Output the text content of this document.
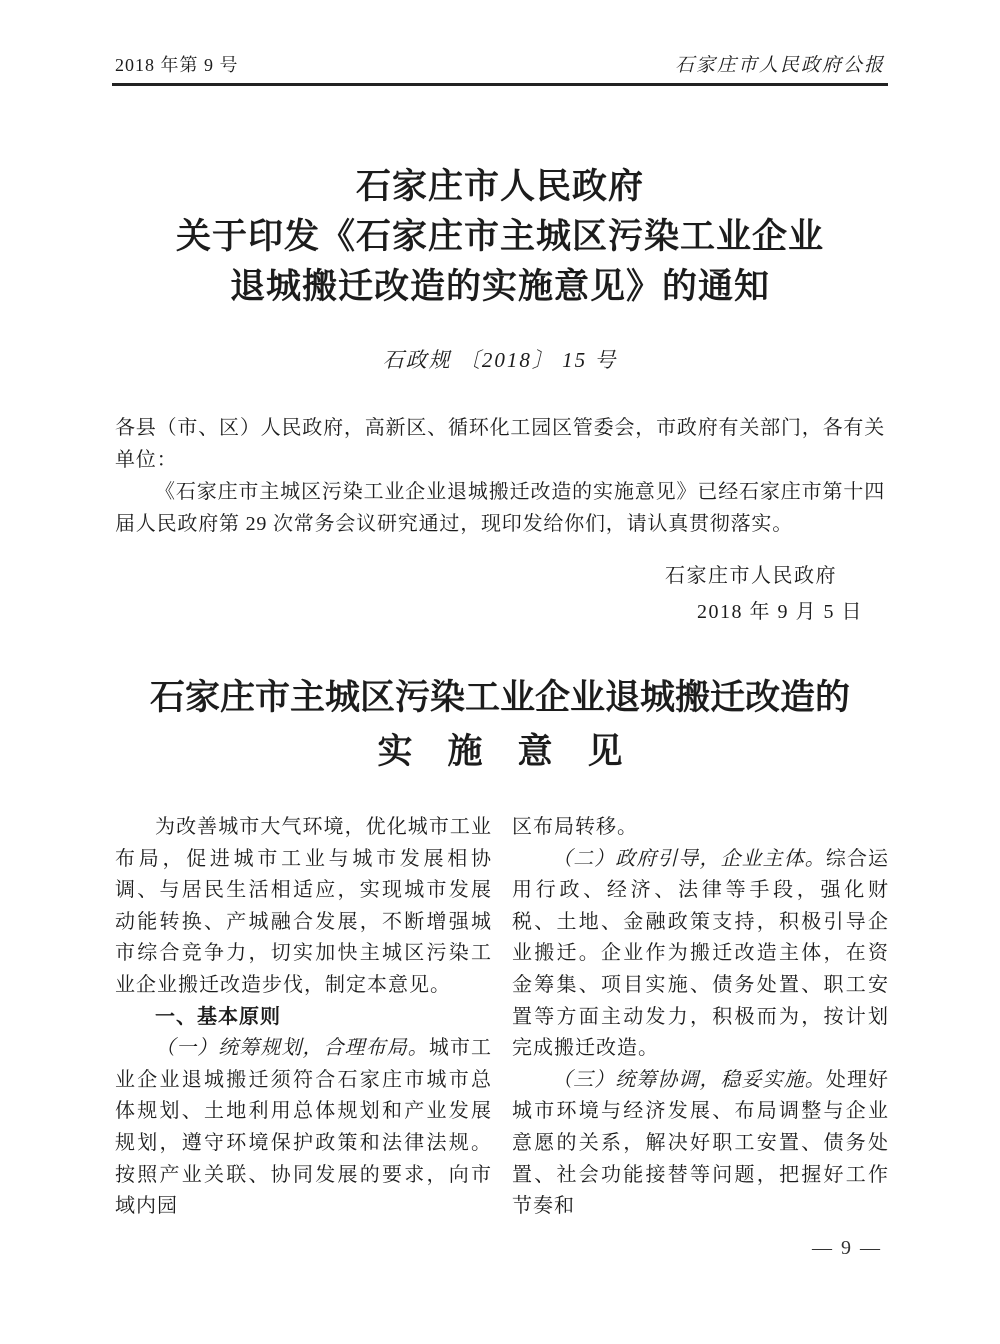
2018 年第 9 号	石家庄市人民政府公报
石家庄市人民政府
关于印发《石家庄市主城区污染工业企业
退城搬迁改造的实施意见》的通知
石政规 〔2018〕 15 号

各县（市、区）人民政府，高新区、循环化工园区管委会，市政府有关部门，各有关单位：

《石家庄市主城区污染工业企业退城搬迁改造的实施意见》已经石家庄市第十四届人民政府第 29 次常务会议研究通过，现印发给你们，请认真贯彻落实。

石家庄市人民政府
2018 年 9 月 5 日
石家庄市主城区污染工业企业退城搬迁改造的
实　施　意　见

为改善城市大气环境，优化城市工业布局，促进城市工业与城市发展相协调、与居民生活相适应，实现城市发展动能转换、产城融合发展，不断增强城市综合竞争力，切实加快主城区污染工业企业搬迁改造步伐，制定本意见。

一、基本原则

（一）统筹规划，合理布局。城市工业企业退城搬迁须符合石家庄市城市总体规划、土地利用总体规划和产业发展规划，遵守环境保护政策和法律法规。按照产业关联、协同发展的要求，向市域内园

区布局转移。

（二）政府引导，企业主体。综合运用行政、经济、法律等手段，强化财税、土地、金融政策支持，积极引导企业搬迁。企业作为搬迁改造主体，在资金筹集、项目实施、债务处置、职工安置等方面主动发力，积极而为，按计划完成搬迁改造。

（三）统筹协调，稳妥实施。处理好城市环境与经济发展、布局调整与企业意愿的关系，解决好职工安置、债务处置、社会功能接替等问题，把握好工作节奏和

— 9 —
